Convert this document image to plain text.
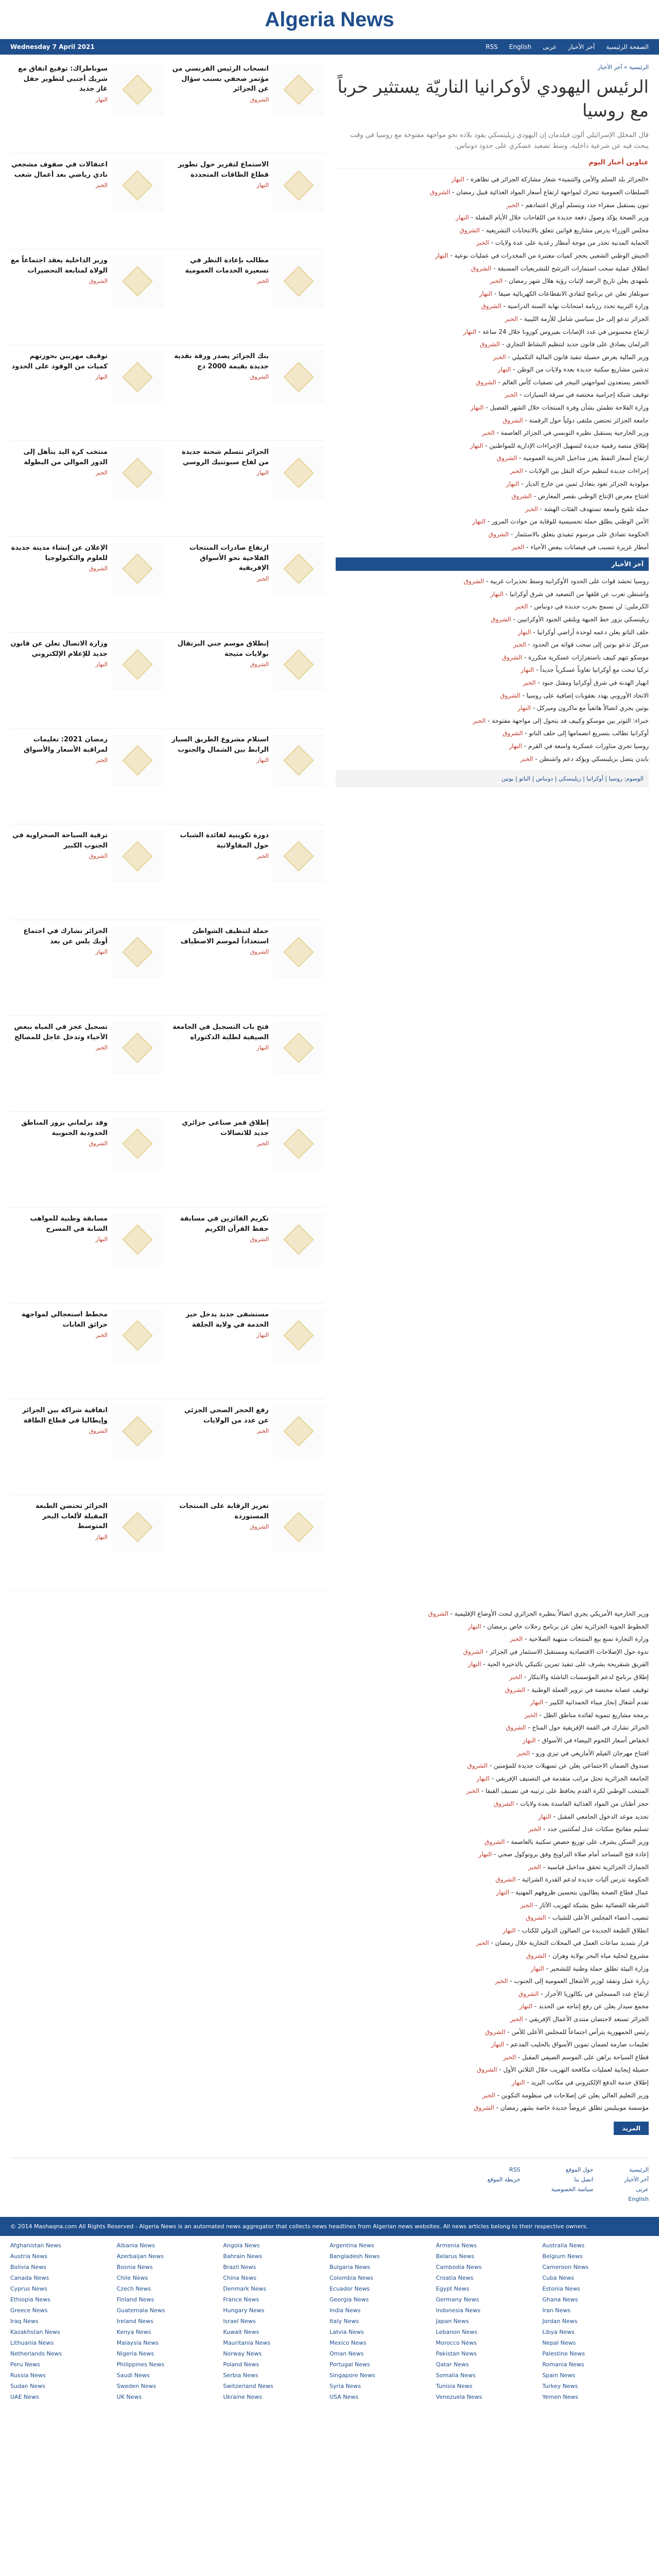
Algeria News
Wednesday 7 April 2021	RSS English عربى آخر الأخبار الصفحة الرئيسية
سوناطراك: توقيع اتفاق مع شريك أجنبي لتطوير حقل غاز جديد
النهار
انسحاب الرئيس الفرنسي من مؤتمر صحفي بسبب سؤال عن الجزائر
الشروق
اعتقالات في صفوف مشجعي نادي رياضي بعد أعمال شغب
الخبر
الاستماع لتقرير حول تطوير قطاع الطاقات المتجددة
النهار
وزير الداخلية يعقد اجتماعاً مع الولاة لمتابعة التحضيرات
الشروق
مطالب بإعادة النظر في تسعيرة الخدمات العمومية
الخبر
توقيف مهربين بحوزتهم كميات من الوقود على الحدود
النهار
بنك الجزائر يصدر ورقة نقدية جديدة بقيمة 2000 دج
الشروق
منتخب كرة اليد يتأهل إلى الدور الموالي من البطولة
الخبر
الجزائر تتسلم شحنة جديدة من لقاح سبوتنيك الروسي
النهار
الإعلان عن إنشاء مدينة جديدة للعلوم والتكنولوجيا
الشروق
ارتفاع صادرات المنتجات الفلاحية نحو الأسواق الإفريقية
الخبر
وزارة الاتصال تعلن عن قانون جديد للإعلام الإلكتروني
النهار
إنطلاق موسم جني البرتقال بولايات متيجة
الشروق
رمضان 2021: تعليمات لمراقبة الأسعار والأسواق
الخبر
استلام مشروع الطريق السيار الرابط بين الشمال والجنوب
النهار
ترقية السياحة الصحراوية في الجنوب الكبير
الشروق
دورة تكوينية لفائدة الشباب حول المقاولاتية
الخبر
الجزائر تشارك في اجتماع أوبك بلس عن بعد
النهار
حملة لتنظيف الشواطئ استعداداً لموسم الاصطياف
الشروق
تسجيل عجز في المياه ببعض الأحياء وتدخل عاجل للمصالح
الخبر
فتح باب التسجيل في الجامعة الصيفية لطلبة الدكتوراه
النهار
وفد برلماني يزور المناطق الحدودية الجنوبية
الشروق
إطلاق قمر صناعي جزائري جديد للاتصالات
الخبر
مسابقة وطنية للمواهب الشابة في المسرح
النهار
تكريم الفائزين في مسابقة حفظ القرآن الكريم
الشروق
مخطط استعجالي لمواجهة حرائق الغابات
الخبر
مستشفى جديد يدخل حيز الخدمة في ولاية الجلفة
النهار
اتفاقية شراكة بين الجزائر وإيطاليا في قطاع الطاقة
الشروق
رفع الحجر الصحي الجزئي عن عدد من الولايات
الخبر
الجزائر تحتضن الطبعة المقبلة لألعاب البحر المتوسط
النهار
تعزيز الرقابة على المنتجات المستوردة
الشروق
الرئيسية » آخر الأخبار
الرئيس اليهودي لأوكرانيا الناريّة يستثير حرباً مع روسيا

قال المحلل الإسرائيلي ألون فيلدمان إن اليهودي زيلينسكي يقود بلاده نحو مواجهة مفتوحة مع روسيا في وقت يبحث فيه عن شرعية داخلية، وسط تصعيد عسكري على حدود دونباس.

عناوين أخبار اليوم
«الجزائر بلد السلم والأمن والتنمية» شعار مشاركة الجزائر في تظاهرة - النهار
السلطات العمومية تتحرك لمواجهة ارتفاع أسعار المواد الغذائية قبيل رمضان - الشروق
تبون يستقبل سفراء جدد ويتسلم أوراق اعتمادهم - الخبر
وزير الصحة يؤكد وصول دفعة جديدة من اللقاحات خلال الأيام المقبلة - النهار
مجلس الوزراء يدرس مشاريع قوانين تتعلق بالانتخابات التشريعية - الشروق
الحماية المدنية تحذر من موجة أمطار رعدية على عدة ولايات - الخبر
الجيش الوطني الشعبي يحجز كميات معتبرة من المخدرات في عمليات نوعية - النهار
انطلاق عملية سحب استمارات الترشح للتشريعيات المسبقة - الشروق
بلمهدي يعلن تاريخ الرصد لإثبات رؤية هلال شهر رمضان - الخبر
سونلغاز تعلن عن برنامج لتفادي الانقطاعات الكهربائية صيفا - النهار
وزارة التربية تحدد رزنامة امتحانات نهاية السنة الدراسية - الشروق
الجزائر تدعو إلى حل سياسي شامل للأزمة الليبية - الخبر
ارتفاع محسوس في عدد الإصابات بفيروس كورونا خلال 24 ساعة - النهار
البرلمان يصادق على قانون جديد لتنظيم النشاط التجاري - الشروق
وزير المالية يعرض حصيلة تنفيذ قانون المالية التكميلي - الخبر
تدشين مشاريع سكنية جديدة بعدة ولايات من الوطن - النهار
الخضر يستعدون لمواجهتي النيجر في تصفيات كأس العالم - الشروق
توقيف شبكة إجرامية مختصة في سرقة السيارات - الخبر
وزارة الفلاحة تطمئن بشأن وفرة المنتجات خلال الشهر الفضيل - النهار
جامعة الجزائر تحتضن ملتقى دولياً حول الرقمنة - الشروق
وزير الخارجية يستقبل نظيره التونسي في الجزائر العاصمة - الخبر
إطلاق منصة رقمية جديدة لتسهيل الإجراءات الإدارية للمواطنين - النهار
ارتفاع أسعار النفط يعزز مداخيل الخزينة العمومية - الشروق
إجراءات جديدة لتنظيم حركة النقل بين الولايات - الخبر
مولودية الجزائر تعود بتعادل ثمين من خارج الديار - النهار
افتتاح معرض الإنتاج الوطني بقصر المعارض - الشروق
حملة تلقيح واسعة تستهدف الفئات الهشة - الخبر
الأمن الوطني يطلق حملة تحسيسية للوقاية من حوادث المرور - النهار
الحكومة تصادق على مرسوم تنفيذي يتعلق بالاستثمار - الشروق
أمطار غزيرة تتسبب في فيضانات ببعض الأحياء - الخبر
آخر الأخبار
روسيا تحشد قوات على الحدود الأوكرانية وسط تحذيرات غربية - الشروق
واشنطن تعرب عن قلقها من التصعيد في شرق أوكرانيا - النهار
الكرملين: لن نسمح بحرب جديدة في دونباس - الخبر
زيلينسكي يزور خط الجبهة ويلتقي الجنود الأوكرانيين - الشروق
حلف الناتو يعلن دعمه لوحدة أراضي أوكرانيا - النهار
ميركل تدعو بوتين إلى سحب قواته من الحدود - الخبر
موسكو تتهم كييف باستفزازات عسكرية متكررة - الشروق
تركيا تبحث مع أوكرانيا تعاوناً عسكرياً جديداً - النهار
انهيار الهدنة في شرق أوكرانيا ومقتل جنود - الخبر
الاتحاد الأوروبي يهدد بعقوبات إضافية على روسيا - الشروق
بوتين يجري اتصالاً هاتفياً مع ماكرون وميركل - النهار
خبراء: التوتر بين موسكو وكييف قد يتحول إلى مواجهة مفتوحة - الخبر
أوكرانيا تطالب بتسريع انضمامها إلى حلف الناتو - الشروق
روسيا تجري مناورات عسكرية واسعة في القرم - النهار
بايدن يتصل بزيلينسكي ويؤكد دعم واشنطن - الخبر
الوسوم: روسيا | أوكرانيا | زيلينسكي | دونباس | الناتو | بوتين
وزير الخارجية الأمريكي يجري اتصالاً بنظيره الجزائري لبحث الأوضاع الإقليمية - الشروق
الخطوط الجوية الجزائرية تعلن عن برنامج رحلات خاص برمضان - النهار
وزارة التجارة تمنع بيع المنتجات منتهية الصلاحية - الخبر
ندوة حول الإصلاحات الاقتصادية ومستقبل الاستثمار في الجزائر - الشروق
الفريق شنقريحة يشرف على تنفيذ تمرين تكتيكي بالذخيرة الحية - النهار
إطلاق برنامج لدعم المؤسسات الناشئة والابتكار - الخبر
توقيف عصابة مختصة في تزوير العملة الوطنية - الشروق
تقدم أشغال إنجاز ميناء الحمدانية الكبير - النهار
برمجة مشاريع تنموية لفائدة مناطق الظل - الخبر
الجزائر تشارك في القمة الإفريقية حول المناخ - الشروق
انخفاض أسعار اللحوم البيضاء في الأسواق - النهار
افتتاح مهرجان الفيلم الأمازيغي في تيزي وزو - الخبر
صندوق الضمان الاجتماعي يعلن عن تسهيلات جديدة للمؤمنين - الشروق
الجامعة الجزائرية تحتل مراتب متقدمة في التصنيف الإفريقي - النهار
المنتخب الوطني لكرة القدم يحافظ على ترتيبه في تصنيف الفيفا - الخبر
حجز أطنان من المواد الغذائية الفاسدة بعدة ولايات - الشروق
تحديد موعد الدخول الجامعي المقبل - النهار
تسليم مفاتيح سكنات عدل لمكتتبين جدد - الخبر
وزير السكن يشرف على توزيع حصص سكنية بالعاصمة - الشروق
إعادة فتح المساجد أمام صلاة التراويح وفق بروتوكول صحي - النهار
الجمارك الجزائرية تحقق مداخيل قياسية - الخبر
الحكومة تدرس آليات جديدة لدعم القدرة الشرائية - الشروق
عمال قطاع الصحة يطالبون بتحسين ظروفهم المهنية - النهار
الشرطة القضائية تطيح بشبكة لتهريب الآثار - الخبر
تنصيب أعضاء المجلس الأعلى للشباب - الشروق
انطلاق الطبعة الجديدة من الصالون الدولي للكتاب - النهار
قرار بتمديد ساعات العمل في المحلات التجارية خلال رمضان - الخبر
مشروع لتحلية مياه البحر بولاية وهران - الشروق
وزارة البيئة تطلق حملة وطنية للتشجير - النهار
زيارة عمل وتفقد لوزير الأشغال العمومية إلى الجنوب - الخبر
ارتفاع عدد المسجلين في بكالوريا الأحرار - الشروق
مجمع سيدار يعلن عن رفع إنتاجه من الحديد - النهار
الجزائر تستعد لاحتضان منتدى الأعمال الإفريقي - الخبر
رئيس الجمهورية يترأس اجتماعاً للمجلس الأعلى للأمن - الشروق
تعليمات صارمة لضمان تموين الأسواق بالحليب المدعم - النهار
قطاع السياحة يراهن على الموسم الصيفي المقبل - الخبر
حصيلة إيجابية لعمليات مكافحة التهريب خلال الثلاثي الأول - الشروق
إطلاق خدمة الدفع الإلكتروني في مكاتب البريد - النهار
وزير التعليم العالي يعلن عن إصلاحات في منظومة التكوين - الخبر
مؤسسة موبيليس تطلق عروضاً جديدة خاصة بشهر رمضان - الشروق
المزيد
الرئيسية
آخر الأخبار
عربى
English
حول الموقع
اتصل بنا
سياسة الخصوصية
RSS
خريطة الموقع
© 2014 Mashaqna.com All Rights Reserved - Algeria News is an automated news aggregator that collects news headlines from Algerian news websites. All news articles belong to their respective owners.
Afghanistan News	Albania News	Angola News	Argentina News	Armenia News	Australia News
Austria News	Azerbaijan News	Bahrain News	Bangladesh News	Belarus News	Belgium News
Bolivia News	Bosnia News	Brazil News	Bulgaria News	Cambodia News	Cameroon News
Canada News	Chile News	China News	Colombia News	Croatia News	Cuba News
Cyprus News	Czech News	Denmark News	Ecuador News	Egypt News	Estonia News
Ethiopia News	Finland News	France News	Georgia News	Germany News	Ghana News
Greece News	Guatemala News	Hungary News	India News	Indonesia News	Iran News
Iraq News	Ireland News	Israel News	Italy News	Japan News	Jordan News
Kazakhstan News	Kenya News	Kuwait News	Latvia News	Lebanon News	Libya News
Lithuania News	Malaysia News	Mauritania News	Mexico News	Morocco News	Nepal News
Netherlands News	Nigeria News	Norway News	Oman News	Pakistan News	Palestine News
Peru News	Philippines News	Poland News	Portugal News	Qatar News	Romania News
Russia News	Saudi News	Serbia News	Singapore News	Somalia News	Spain News
Sudan News	Sweden News	Switzerland News	Syria News	Tunisia News	Turkey News
UAE News	UK News	Ukraine News	USA News	Venezuela News	Yemen News
